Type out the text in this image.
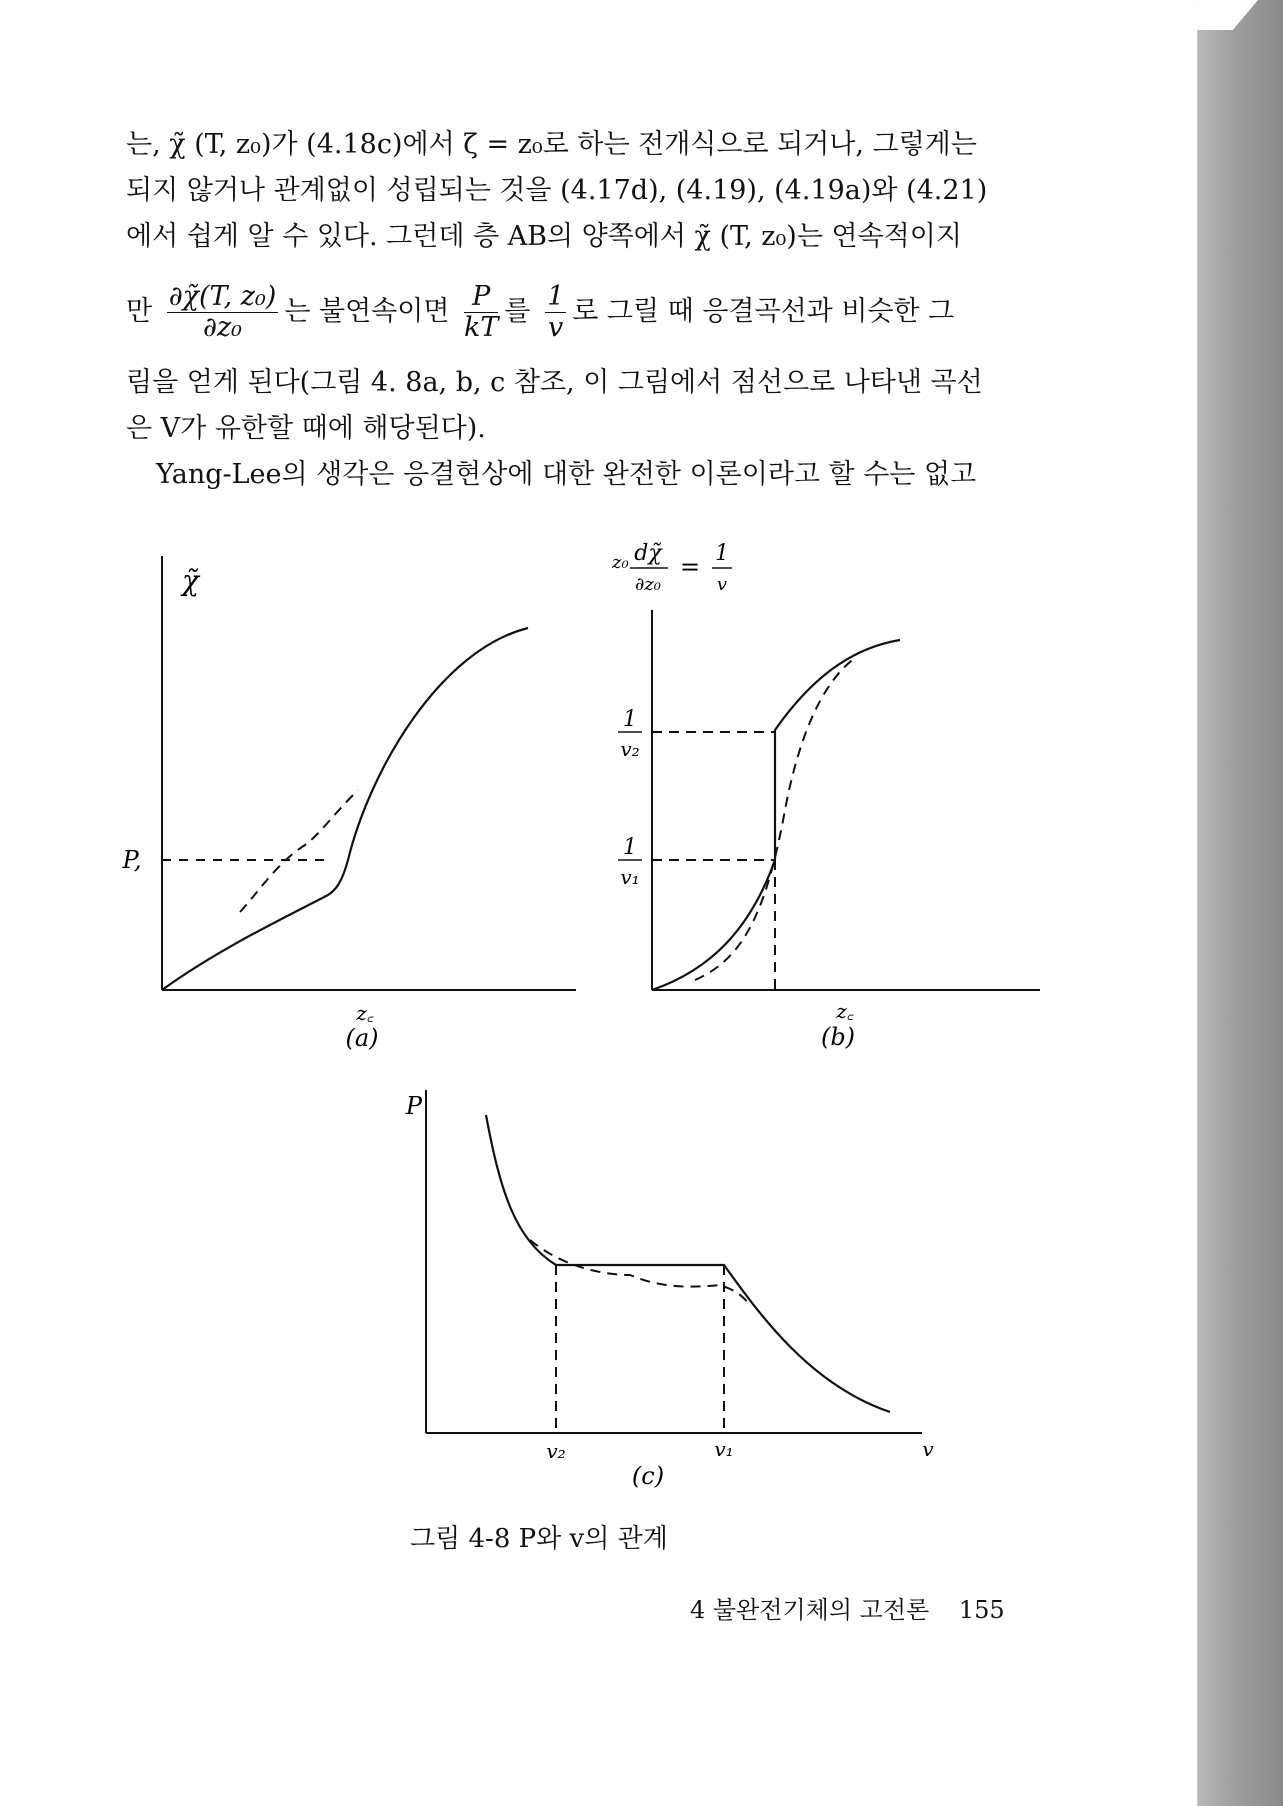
는, χ̃ (T, z₀)가 (4.18c)에서 ζ = z₀로 하는 전개식으로 되거나, 그렇게는
되지 않거나 관계없이 성립되는 것을 (4.17d), (4.19), (4.19a)와 (4.21)
에서 쉽게 알 수 있다. 그런데 층 AB의 양쪽에서 χ̃ (T, z₀)는 연속적이지
만 $\frac{\text{∂χ̃(T, z₀)}}{\text{∂z₀}}$ 는 불연속이면 $\frac{P}{kT}$ 를 $\frac{1}{v}$ 로 그릴 때 응결곡선과 비슷한 그
림을 얻게 된다(그림 4. 8a, b, c 참조, 이 그림에서 점선으로 나타낸 곡선
은 V가 유한할 때에 해당된다).
Yang-Lee의 생각은 응결현상에 대한 완전한 이론이라고 할 수는 없고
χ̃
P,
z꜀
(a)
z₀ dχ̃
∂z₀
= 1
v
1
v₂
1
v₁
z꜀
(b)
P
v₂	v₁	v
(c)
그림 4-8 P와 v의 관계
4 불완전기체의 고전론 155
